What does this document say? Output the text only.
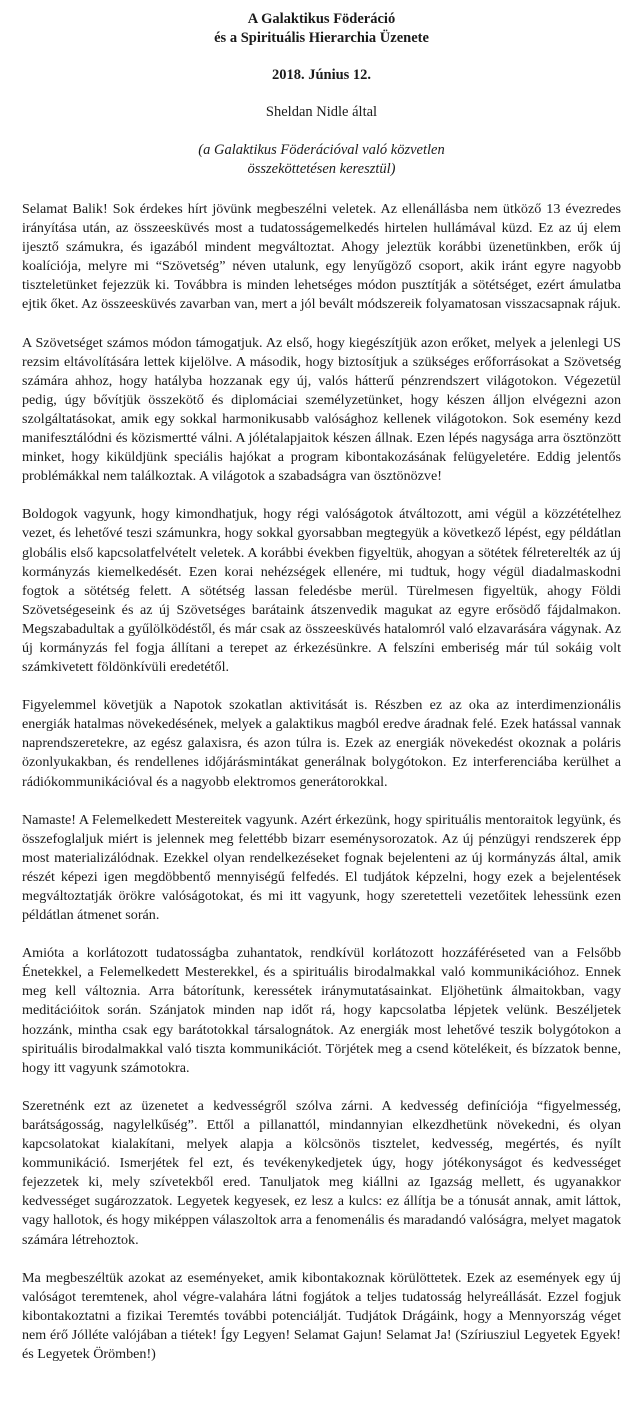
A Galaktikus Föderáció
és a Spirituális Hierarchia Üzenete
2018. Június 12.
Sheldan Nidle által
(a Galaktikus Föderációval való közvetlen
összeköttetésen keresztül)

Selamat Balik! Sok érdekes hírt jövünk megbeszélni veletek. Az ellenállásba nem ütköző 13 évezredes irányítása után, az összeesküvés most a tudatosságemelkedés hirtelen hullámával küzd. Ez az új elem ijesztő számukra, és igazából mindent megváltoztat. Ahogy jeleztük korábbi üzenetünkben, erők új koalíciója, melyre mi “Szövetség” néven utalunk, egy lenyűgöző csoport, akik iránt egyre nagyobb tiszteletünket fejezzük ki. Továbbra is minden lehetséges módon pusztítják a sötétséget, ezért ámulatba ejtik őket. Az összeesküvés zavarban van, mert a jól bevált módszereik folyamatosan visszacsapnak rájuk.

A Szövetséget számos módon támogatjuk. Az első, hogy kiegészítjük azon erőket, melyek a jelenlegi US rezsim eltávolítására lettek kijelölve. A második, hogy biztosítjuk a szükséges erőforrásokat a Szövetség számára ahhoz, hogy hatályba hozzanak egy új, valós hátterű pénzrendszert világotokon. Végezetül pedig, úgy bővítjük összekötő és diplomáciai személyzetünket, hogy készen álljon elvégezni azon szolgáltatásokat, amik egy sokkal harmonikusabb valósághoz kellenek világotokon. Sok esemény kezd manifesztálódni és közismertté válni. A jólétalapjaitok készen állnak. Ezen lépés nagysága arra ösztönzött minket, hogy kiküldjünk speciális hajókat a program kibontakozásának felügyeletére. Eddig jelentős problémákkal nem találkoztak. A világotok a szabadságra van ösztönözve!

Boldogok vagyunk, hogy kimondhatjuk, hogy régi valóságotok átváltozott, ami végül a közzétételhez vezet, és lehetővé teszi számunkra, hogy sokkal gyorsabban megtegyük a következő lépést, egy példátlan globális első kapcsolatfelvételt veletek. A korábbi években figyeltük, ahogyan a sötétek félreterelték az új kormányzás kiemelkedését. Ezen korai nehézségek ellenére, mi tudtuk, hogy végül diadalmaskodni fogtok a sötétség felett. A sötétség lassan feledésbe merül. Türelmesen figyeltük, ahogy Földi Szövetségeseink és az új Szövetséges barátaink átszenvedik magukat az egyre erősödő fájdalmakon. Megszabadultak a gyűlölködéstől, és már csak az összeesküvés hatalomról való elzavarására vágynak. Az új kormányzás fel fogja állítani a terepet az érkezésünkre. A felszíni emberiség már túl sokáig volt számkivetett földönkívüli eredetétől.

Figyelemmel követjük a Napotok szokatlan aktivitását is. Részben ez az oka az interdimenzionális energiák hatalmas növekedésének, melyek a galaktikus magból eredve áradnak felé. Ezek hatással vannak naprendszeretekre, az egész galaxisra, és azon túlra is. Ezek az energiák növekedést okoznak a poláris özonlyukakban, és rendellenes időjárásmintákat generálnak bolygótokon. Ez interferenciába kerülhet a rádiókommunikációval és a nagyobb elektromos generátorokkal.

Namaste! A Felemelkedett Mestereitek vagyunk. Azért érkezünk, hogy spirituális mentoraitok legyünk, és összefoglaljuk miért is jelennek meg felettébb bizarr eseménysorozatok. Az új pénzügyi rendszerek épp most materializálódnak. Ezekkel olyan rendelkezéseket fognak bejelenteni az új kormányzás által, amik részét képezi igen megdöbbentő mennyiségű felfedés. El tudjátok képzelni, hogy ezek a bejelentések megváltoztatják örökre valóságotokat, és mi itt vagyunk, hogy szeretetteli vezetőitek lehessünk ezen példátlan átmenet során.

Amióta a korlátozott tudatosságba zuhantatok, rendkívül korlátozott hozzáféréseted van a Felsőbb Énetekkel, a Felemelkedett Mesterekkel, és a spirituális birodalmakkal való kommunikációhoz. Ennek meg kell változnia. Arra bátorítunk, keressétek iránymutatásainkat. Eljöhetünk álmaitokban, vagy meditációitok során. Szánjatok minden nap időt rá, hogy kapcsolatba lépjetek velünk. Beszéljetek hozzánk, mintha csak egy barátotokkal társalognátok. Az energiák most lehetővé teszik bolygótokon a spirituális birodalmakkal való tiszta kommunikációt. Törjétek meg a csend kötelékeit, és bízzatok benne, hogy itt vagyunk számotokra.

Szeretnénk ezt az üzenetet a kedvességről szólva zárni. A kedvesség definíciója “figyelmesség, barátságosság, nagylelkűség”. Ettől a pillanattól, mindannyian elkezdhetünk növekedni, és olyan kapcsolatokat kialakítani, melyek alapja a kölcsönös tisztelet, kedvesség, megértés, és nyílt kommunikáció. Ismerjétek fel ezt, és tevékenykedjetek úgy, hogy jótékonyságot és kedvességet fejezzetek ki, mely szívetekből ered. Tanuljatok meg kiállni az Igazság mellett, és ugyanakkor kedvességet sugározzatok. Legyetek kegyesek, ez lesz a kulcs: ez állítja be a tónusát annak, amit láttok, vagy hallotok, és hogy miképpen válaszoltok arra a fenomenális és maradandó valóságra, melyet magatok számára létrehoztok.

Ma megbeszéltük azokat az eseményeket, amik kibontakoznak körülöttetek. Ezek az események egy új valóságot teremtenek, ahol végre-valahára látni fogjátok a teljes tudatosság helyreállását. Ezzel fogjuk kibontakoztatni a fizikai Teremtés további potenciálját. Tudjátok Drágáink, hogy a Mennyország véget nem érő Jólléte valójában a tiétek! Így Legyen! Selamat Gajun! Selamat Ja! (Szíriusziul Legyetek Egyek! és Legyetek Örömben!)
